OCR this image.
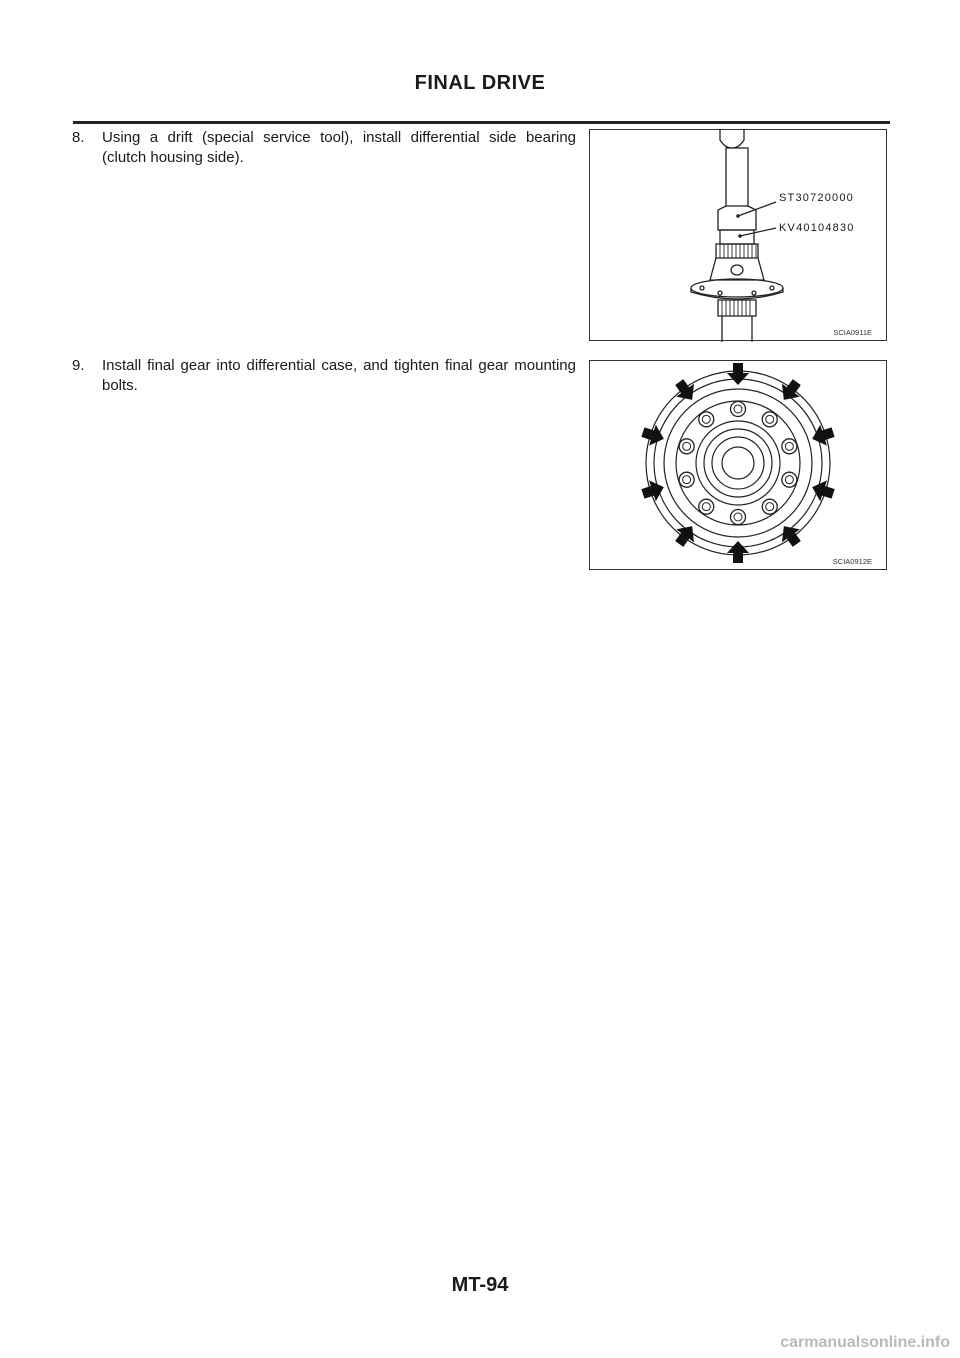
FINAL DRIVE
8. Using a drift (special service tool), install differential side bearing (clutch housing side).
9. Install final gear into differential case, and tighten final gear mounting bolts.
ST30720000
KV40104830
SCIA0911E
SCIA0912E
MT-94
carmanualsonline.info
